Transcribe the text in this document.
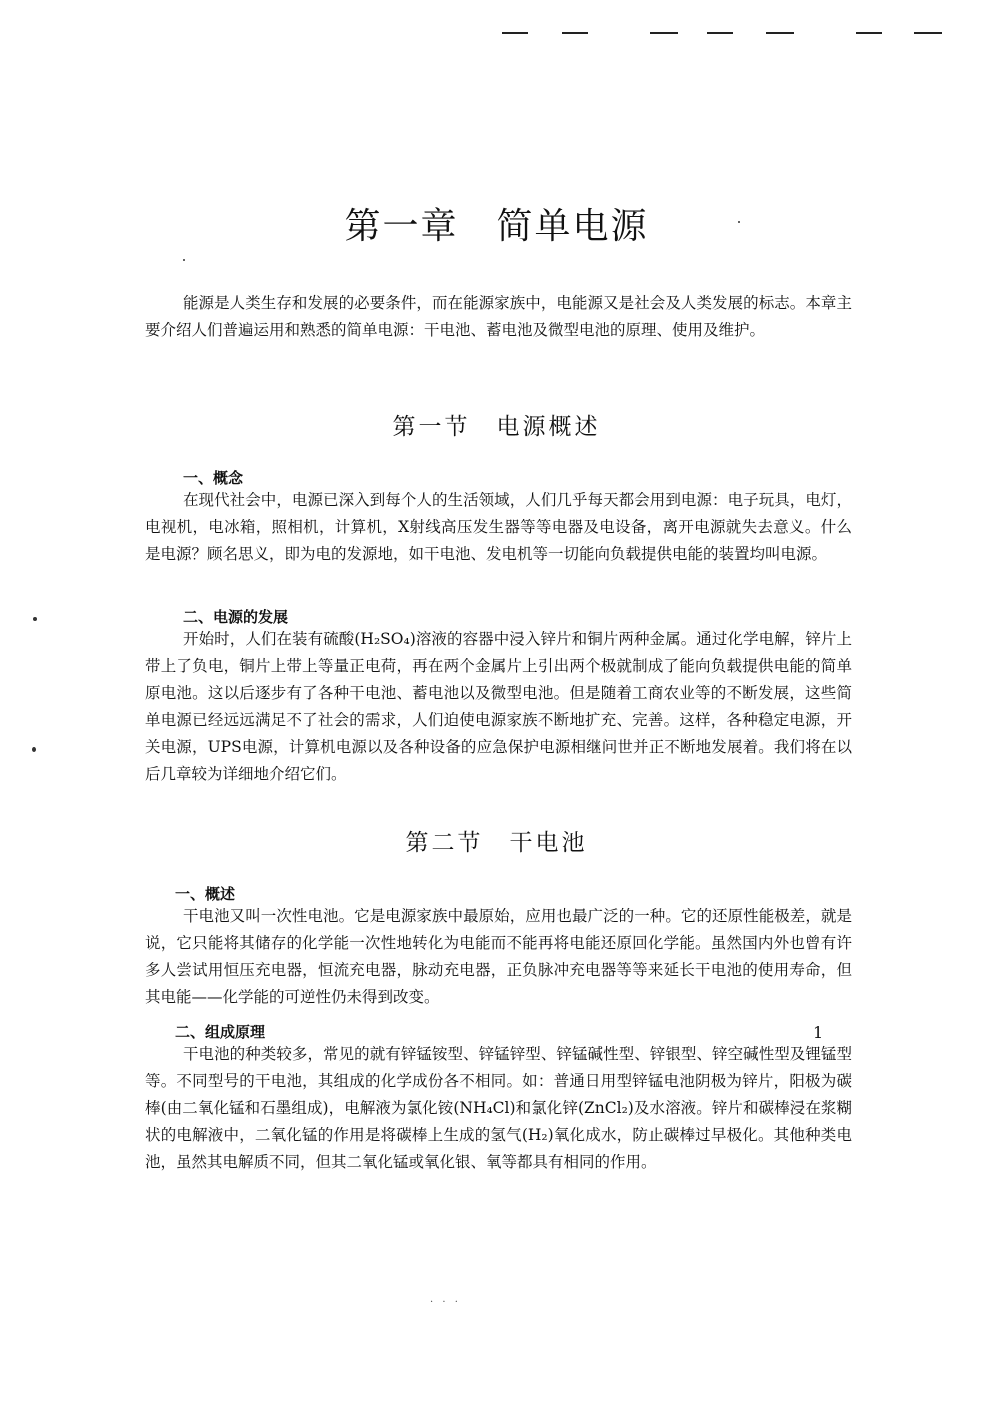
第一章　简单电源

能源是人类生存和发展的必要条件，而在能源家族中，电能源又是社会及人类发展的标志。本章主要介绍人们普遍运用和熟悉的简单电源：干电池、蓄电池及微型电池的原理、使用及维护。

第一节　电源概述
一、概念

在现代社会中，电源已深入到每个人的生活领域，人们几乎每天都会用到电源：电子玩具，电灯，电视机，电冰箱，照相机，计算机，X射线高压发生器等等电器及电设备，离开电源就失去意义。什么是电源？顾名思义，即为电的发源地，如干电池、发电机等一切能向负载提供电能的装置均叫电源。

二、电源的发展

开始时，人们在装有硫酸(H₂SO₄)溶液的容器中浸入锌片和铜片两种金属。通过化学电解，锌片上带上了负电，铜片上带上等量正电荷，再在两个金属片上引出两个极就制成了能向负载提供电能的简单原电池。这以后逐步有了各种干电池、蓄电池以及微型电池。但是随着工商农业等的不断发展，这些简单电源已经远远满足不了社会的需求，人们迫使电源家族不断地扩充、完善。这样，各种稳定电源，开关电源，UPS电源，计算机电源以及各种设备的应急保护电源相继问世并正不断地发展着。我们将在以后几章较为详细地介绍它们。

第二节　干电池
一、概述

干电池又叫一次性电池。它是电源家族中最原始，应用也最广泛的一种。它的还原性能极差，就是说，它只能将其储存的化学能一次性地转化为电能而不能再将电能还原回化学能。虽然国内外也曾有许多人尝试用恒压充电器，恒流充电器，脉动充电器，正负脉冲充电器等等来延长干电池的使用寿命，但其电能——化学能的可逆性仍未得到改变。

二、组成原理

干电池的种类较多，常见的就有锌锰铵型、锌锰锌型、锌锰碱性型、锌银型、锌空碱性型及锂锰型等。不同型号的干电池，其组成的化学成份各不相同。如：普通日用型锌锰电池阴极为锌片，阳极为碳棒(由二氧化锰和石墨组成)，电解液为氯化铵(NH₄Cl)和氯化锌(ZnCl₂)及水溶液。锌片和碳棒浸在浆糊状的电解液中，二氧化锰的作用是将碳棒上生成的氢气(H₂)氧化成水，防止碳棒过早极化。其他种类电池，虽然其电解质不同，但其二氧化锰或氧化银、氧等都具有相同的作用。

1
· · ·
